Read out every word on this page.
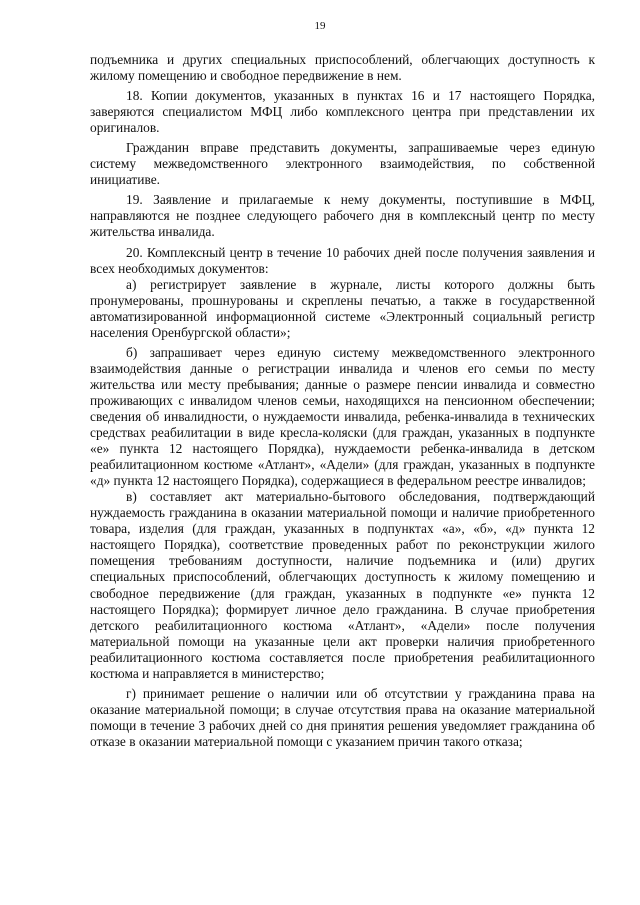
19

подъемника и других специальных приспособлений, облегчающих доступность к жилому помещению и свободное передвижение в нем.

18. Копии документов, указанных в пунктах 16 и 17 настоящего Порядка, заверяются специалистом МФЦ либо комплексного центра при представлении их оригиналов.

Гражданин вправе представить документы, запрашиваемые через единую систему межведомственного электронного взаимодействия, по собственной инициативе.

19. Заявление и прилагаемые к нему документы, поступившие в МФЦ, направляются не позднее следующего рабочего дня в комплексный центр по месту жительства инвалида.

20. Комплексный центр в течение 10 рабочих дней после получения заявления и всех необходимых документов:

а) регистрирует заявление в журнале, листы которого должны быть пронумерованы, прошнурованы и скреплены печатью, а также в государственной автоматизированной информационной системе «Электронный социальный регистр населения Оренбургской области»;

б) запрашивает через единую систему межведомственного электронного взаимодействия данные о регистрации инвалида и членов его семьи по месту жительства или месту пребывания; данные о размере пенсии инвалида и совместно проживающих с инвалидом членов семьи, находящихся на пенсионном обеспечении; сведения об инвалидности, о нуждаемости инвалида, ребенка-инвалида в технических средствах реабилитации в виде кресла-коляски (для граждан, указанных в подпункте «е» пункта 12 настоящего Порядка), нуждаемости ребенка-инвалида в детском реабилитационном костюме «Атлант», «Адели» (для граждан, указанных в подпункте «д» пункта 12 настоящего Порядка), содержащиеся в федеральном реестре инвалидов;

в) составляет акт материально-бытового обследования, подтверждающий нуждаемость гражданина в оказании материальной помощи и наличие приобретенного товара, изделия (для граждан, указанных в подпунктах «а», «б», «д» пункта 12 настоящего Порядка), соответствие проведенных работ по реконструкции жилого помещения требованиям доступности, наличие подъемника и (или) других специальных приспособлений, облегчающих доступность к жилому помещению и свободное передвижение (для граждан, указанных в подпункте «е» пункта 12 настоящего Порядка); формирует личное дело гражданина. В случае приобретения детского реабилитационного костюма «Атлант», «Адели» после получения материальной помощи на указанные цели акт проверки наличия приобретенного реабилитационного костюма составляется после приобретения реабилитационного костюма и направляется в министерство;

г) принимает решение о наличии или об отсутствии у гражданина права на оказание материальной помощи; в случае отсутствия права на оказание материальной помощи в течение 3 рабочих дней со дня принятия решения уведомляет гражданина об отказе в оказании материальной помощи с указанием причин такого отказа;
